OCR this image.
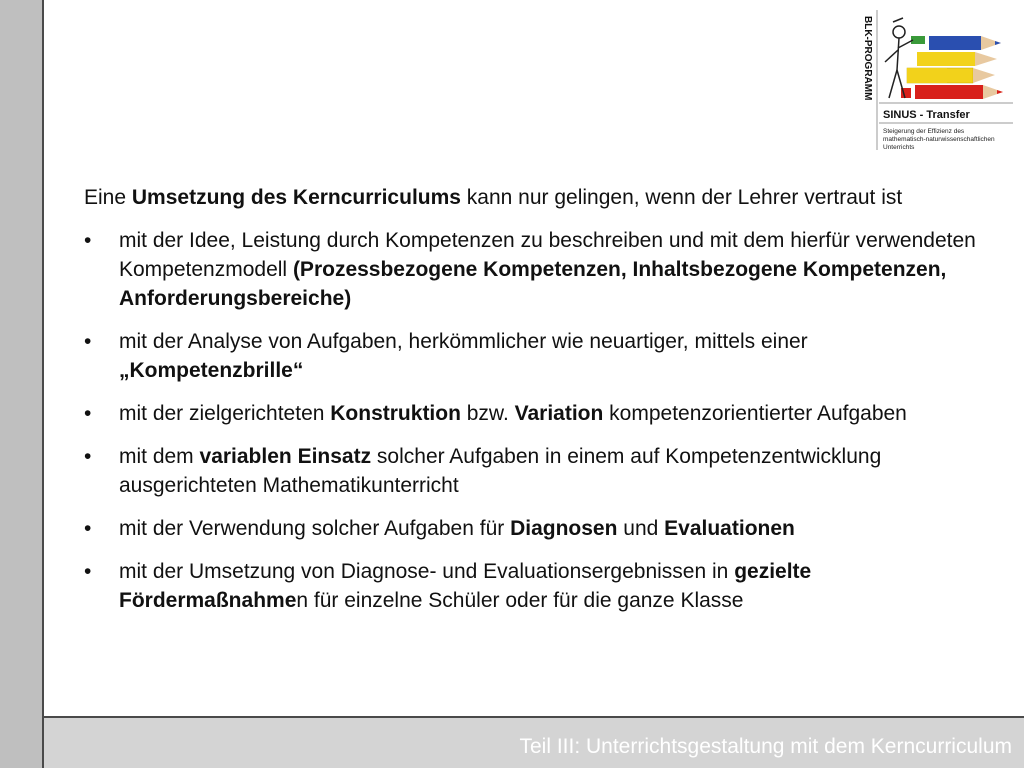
BLK-PROGRAMM
SINUS - Transfer
Steigerung der Effizienz des
mathematisch-naturwissenschaftlichen
Unterrichts

Eine Umsetzung des Kerncurriculums kann nur gelingen, wenn der Lehrer vertraut ist

• mit der Idee, Leistung durch Kompetenzen zu beschreiben und mit dem hierfür verwendeten Kompetenzmodell (Prozessbezogene Kompetenzen, Inhaltsbezogene Kompetenzen, Anforderungsbereiche)
• mit der Analyse von Aufgaben, herkömmlicher wie neuartiger, mittels einer „Kompetenzbrille“
• mit der zielgerichteten Konstruktion bzw. Variation kompetenzorientierter Aufgaben
• mit dem variablen Einsatz solcher Aufgaben in einem auf Kompetenzentwicklung ausgerichteten Mathematikunterricht
• mit der Verwendung solcher Aufgaben für Diagnosen und Evaluationen
• mit der Umsetzung von Diagnose- und Evaluationsergebnissen in gezielte Fördermaßnahmen für einzelne Schüler oder für die ganze Klasse
Teil III: Unterrichtsgestaltung mit dem Kerncurriculum
